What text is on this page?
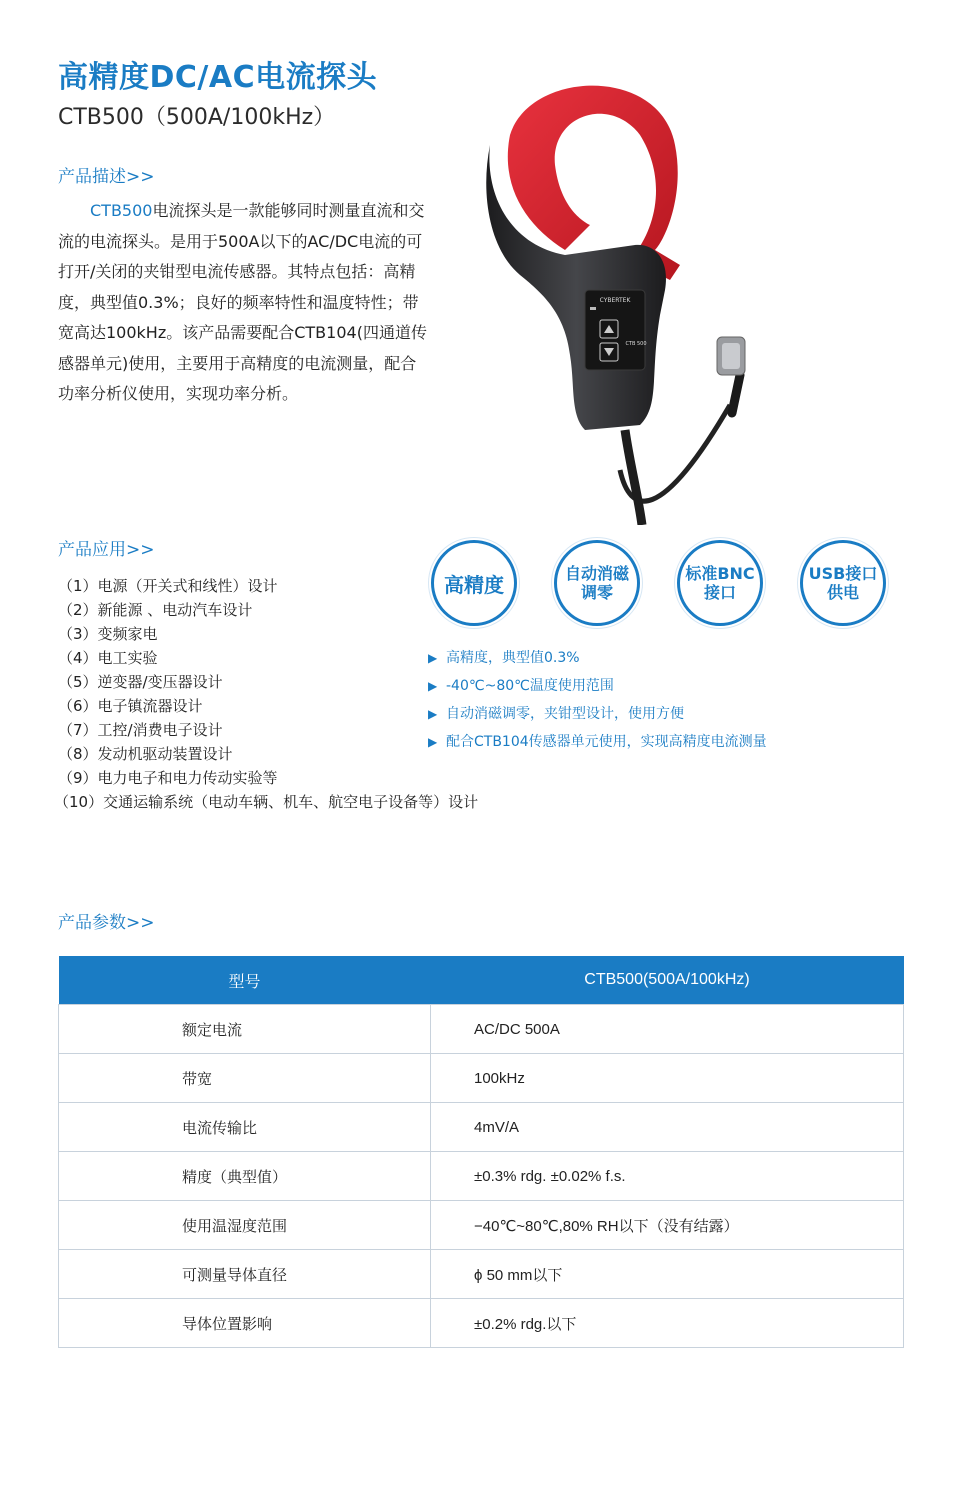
高精度DC/AC电流探头
CTB500（500A/100kHz）
产品描述>>
CTB500电流探头是一款能够同时测量直流和交流的电流探头。是用于500A以下的AC/DC电流的可打开/关闭的夹钳型电流传感器。其特点包括：高精度，典型值0.3%；良好的频率特性和温度特性；带宽高达100kHz。该产品需要配合CTB104(四通道传感器单元)使用，主要用于高精度的电流测量，配合功率分析仪使用，实现功率分析。
CYBERTEK
CTB 500
产品应用>>
（1）电源（开关式和线性）设计
（2）新能源 、电动汽车设计
（3）变频家电
（4）电工实验
（5）逆变器/变压器设计
（6）电子镇流器设计
（7）工控/消费电子设计
（8）发动机驱动装置设计
（9）电力电子和电力传动实验等
（10）交通运输系统（电动车辆、机车、航空电子设备等）设计
高精度	自动消磁
调零
标准BNC
接口
USB接口
供电
▶ 高精度，典型值0.3%
▶ -40℃~80℃温度使用范围
▶ 自动消磁调零，夹钳型设计，使用方便
▶ 配合CTB104传感器单元使用，实现高精度电流测量
产品参数>>
型号	CTB500(500A/100kHz)
额定电流	AC/DC 500A
带宽	100kHz
电流传输比	4mV/A
精度（典型值）	±0.3% rdg. ±0.02% f.s.
使用温湿度范围	−40℃~80℃,80% RH以下（没有结露）
可测量导体直径	ϕ 50 mm以下
导体位置影响	±0.2% rdg.以下
